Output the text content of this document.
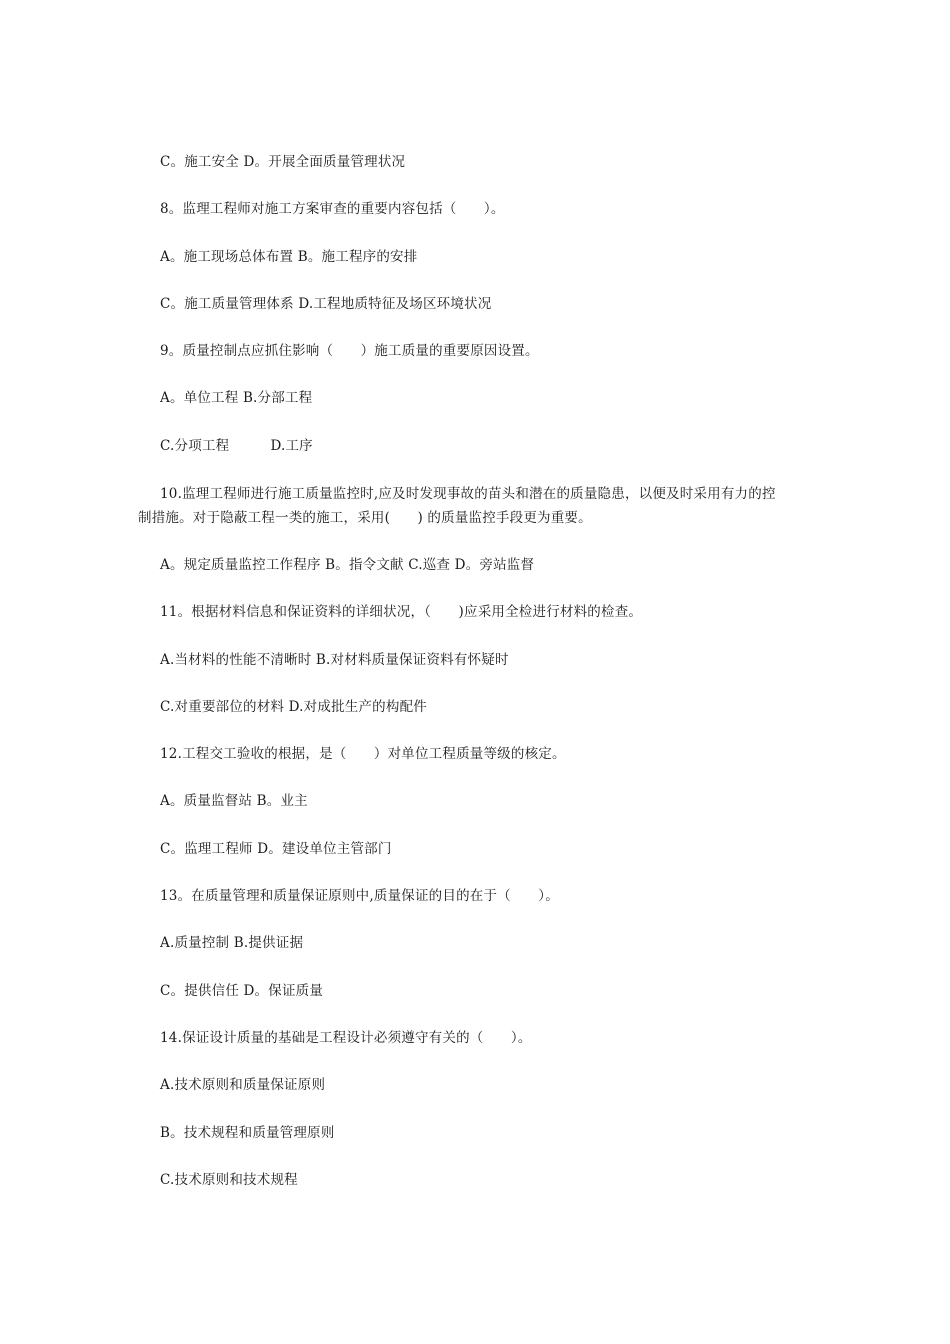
C。施工安全 D。开展全面质量管理状况
8。监理工程师对施工方案审查的重要内容包括（　　）。
A。施工现场总体布置 B。施工程序的安排
C。施工质量管理体系 D.工程地质特征及场区环境状况
9。质量控制点应抓住影响（　　）施工质量的重要原因设置。
A。单位工程 B.分部工程
C.分项工程　　　D.工序
10.监理工程师进行施工质量监控时,应及时发现事故的苗头和潜在的质量隐患，以便及时采用有力的控
制措施。对于隐蔽工程一类的施工，采用(　　) 的质量监控手段更为重要。
A。规定质量监控工作程序 B。指令文献 C.巡查 D。旁站监督
11。根据材料信息和保证资料的详细状况，（　　)应采用全检进行材料的检查。
A.当材料的性能不清晰时 B.对材料质量保证资料有怀疑时
C.对重要部位的材料 D.对成批生产的构配件
12.工程交工验收的根据，是（　　）对单位工程质量等级的核定。
A。质量监督站 B。业主
C。监理工程师 D。建设单位主管部门
13。在质量管理和质量保证原则中,质量保证的目的在于（　　）。
A.质量控制 B.提供证据
C。提供信任 D。保证质量
14.保证设计质量的基础是工程设计必须遵守有关的（　　）。
A.技术原则和质量保证原则
B。技术规程和质量管理原则
C.技术原则和技术规程
